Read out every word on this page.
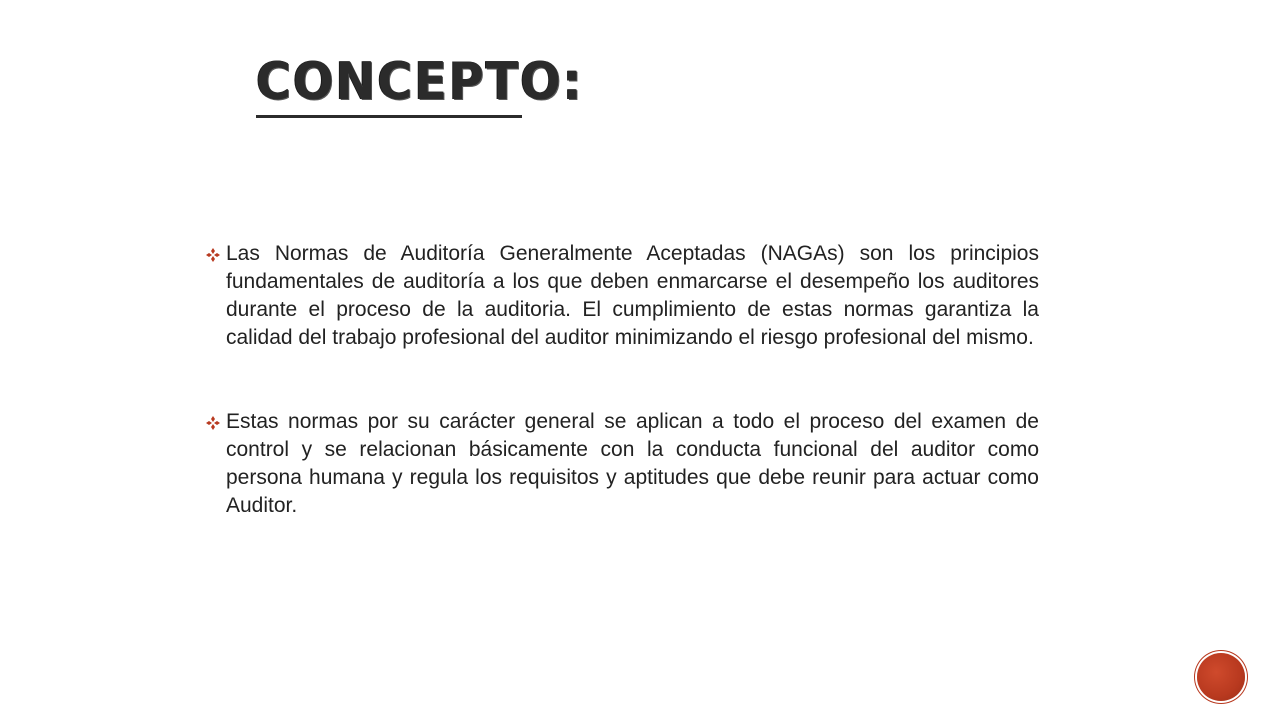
CONCEPTO:
Las Normas de Auditoría Generalmente Aceptadas (NAGAs) son los principios fundamentales de auditoría a los que deben enmarcarse el desempeño los auditores durante el proceso de la auditoria. El cumplimiento de estas normas garantiza la calidad del trabajo profesional del auditor minimizando el riesgo profesional del mismo.
Estas normas por su carácter general se aplican a todo el proceso del examen de control y se relacionan básicamente con la conducta funcional del auditor como persona humana y regula los requisitos y aptitudes que debe reunir para actuar como Auditor.
